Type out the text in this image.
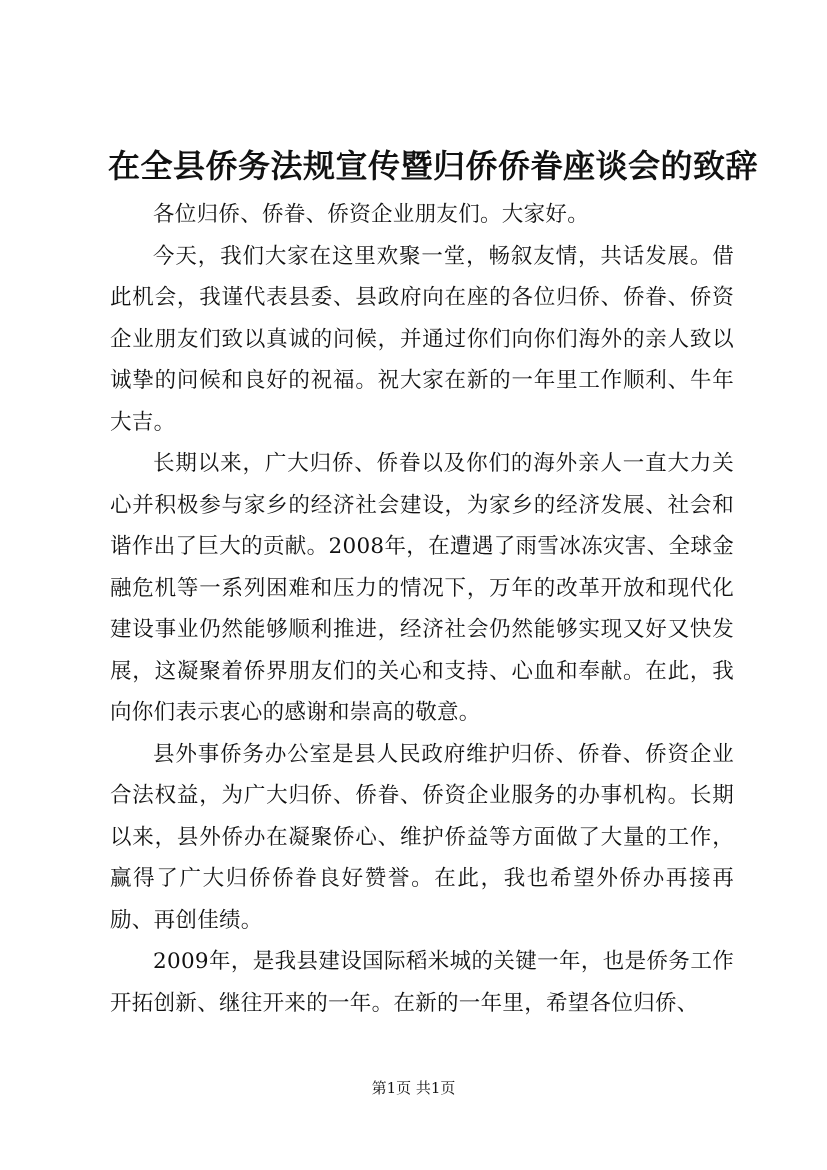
在全县侨务法规宣传暨归侨侨眷座谈会的致辞

各位归侨、侨眷、侨资企业朋友们。大家好。

今天，我们大家在这里欢聚一堂，畅叙友情，共话发展。借此机会，我谨代表县委、县政府向在座的各位归侨、侨眷、侨资企业朋友们致以真诚的问候，并通过你们向你们海外的亲人致以诚挚的问候和良好的祝福。祝大家在新的一年里工作顺利、牛年大吉。

长期以来，广大归侨、侨眷以及你们的海外亲人一直大力关心并积极参与家乡的经济社会建设，为家乡的经济发展、社会和谐作出了巨大的贡献。2008年，在遭遇了雨雪冰冻灾害、全球金融危机等一系列困难和压力的情况下，万年的改革开放和现代化建设事业仍然能够顺利推进，经济社会仍然能够实现又好又快发展，这凝聚着侨界朋友们的关心和支持、心血和奉献。在此，我向你们表示衷心的感谢和崇高的敬意。

县外事侨务办公室是县人民政府维护归侨、侨眷、侨资企业合法权益，为广大归侨、侨眷、侨资企业服务的办事机构。长期以来，县外侨办在凝聚侨心、维护侨益等方面做了大量的工作，赢得了广大归侨侨眷良好赞誉。在此，我也希望外侨办再接再励、再创佳绩。

2009年，是我县建设国际稻米城的关键一年，也是侨务工作开拓创新、继往开来的一年。在新的一年里，希望各位归侨、

第1页 共1页
